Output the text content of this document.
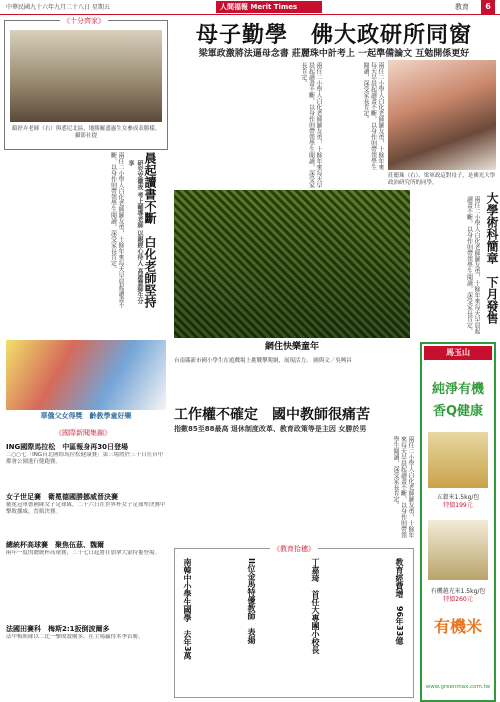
中華民國九十六年九月二十八日 星期五	人間福報 Merit Times	教育	6
母子勤學　佛大政研所同窗
梁軍政激將法逼母念書 莊麗珠中計考上 一起準備論文 互勉開係更好
兩任二小學人白化老師羅友勇，十餘年來每天早晨起讀書不斷，以身作則帶領學生閱讀，深受家長肯定。	兩任二小學人白化老師羅友勇，十餘年來每天早晨起讀書不斷，以身作則帶領學生閱讀，深受家長肯定。
莊麗珠（右）、梁軍政這對母子，是佛光大學政治研究所的同學。
《十分齊家》
顏妤卉老師（右）與悉尼北區，地勝羅盛惠生女參成表勝樣。 攝影社提
兩任二小學人白化老師羅友勇，十餘年來每天早晨起讀書不斷，以身作則帶領學生閱讀，深受家長肯定。	晨起讀書不斷　白化老師堅持
研究安徽夜 考上輔導老師 以親經心待人 高雄慧師生分享
華僑父女得獎　齡教學童好樂
《國際新聞集錦》
ING國際馬拉松　中區報身再30日登場
二○○七「ING台北國際馬拉松健康賽」第三場將於三十日在台中都會公園進行健跑賽。
女子世足賽　衛冕德國勝挪威晉決賽
衛冕冠軍德國隊女子足球隊，二十六日在世界杯女子足球準決賽中擊敗挪威，晉級決賽。
總統杯高球賽　聚焦伍茲、魏爾
兩年一度的總統杯高球賽，二十七日起將在加拿大蒙特婁登場。
法國田賽科　梅斯2:1扳倒波爾多
法甲梅斯隊以二比一擊敗波爾多，在主場贏得本季首勝。
網住快樂童年
台南縣新市國小學生在遊戲場上挑戰攀爬網，展現活力。 圖與文／吳興昌
大學術科簡章　下月發售
兩任二小學人白化老師羅友勇，十餘年來每天早晨起讀書不斷，以身作則帶領學生閱讀，深受家長肯定。
工作權不確定　國中教師很痛苦
指數85至88最高 退休制度改革、教育政策等是主因 女勝於男
兩任二小學人白化老師羅友勇，十餘年來每天早晨起讀書不斷，以身作則帶領學生閱讀，深受家長肯定。
《教育拾穗》
南韓中小學生國學　去年3萬	II位金馬特優教師　表揚	丁嘉琦　首任大專團小校長	教育經費增　96年33億
馬玉山
純淨有機
香Q健康
五穀米1.5kg/包
特價199元
有機越光米1.5kg/包
特價260元
有機米
www.greenmax.com.tw
